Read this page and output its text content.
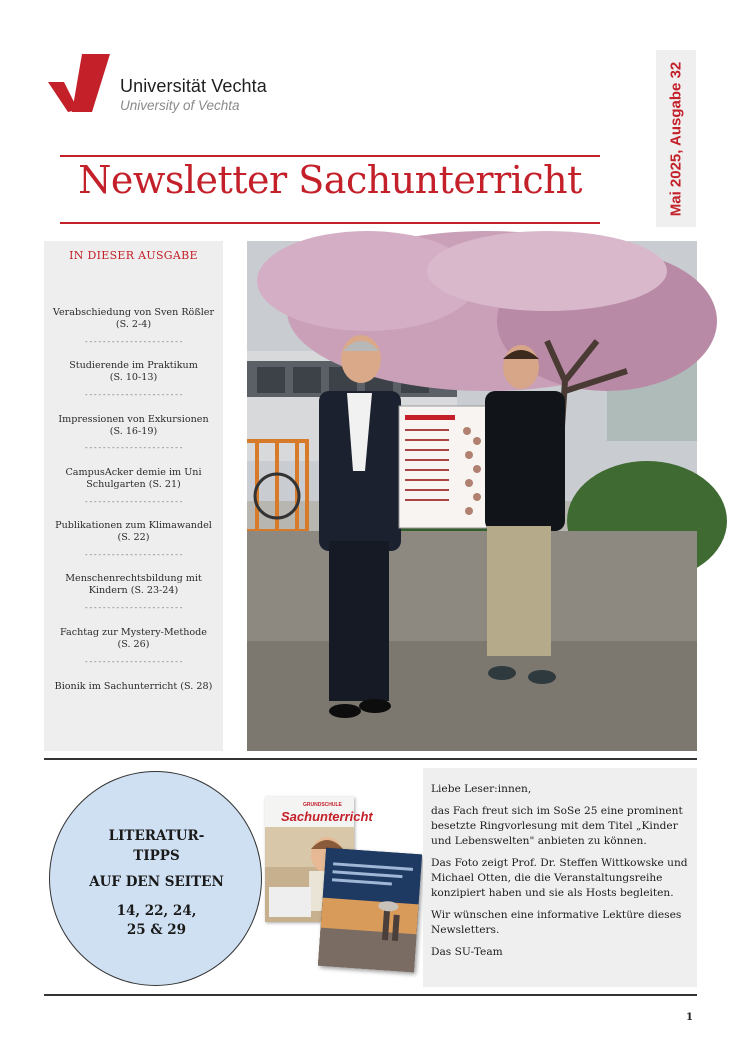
Universität Vechta
University of Vechta	Mai 2025, Ausgabe 32
Newsletter Sachunterricht
IN DIESER AUSGABE
Verabschiedung von Sven Rößler
(S. 2-4)
----------------------
Studierende im Praktikum
(S. 10-13)
----------------------
Impressionen von Exkursionen
(S. 16-19)
----------------------
CampusAcker demie im Uni
Schulgarten (S. 21)
----------------------
Publikationen zum Klimawandel
(S. 22)
----------------------
Menschenrechtsbildung mit
Kindern (S. 23-24)
----------------------
Fachtag zur Mystery-Methode
(S. 26)
----------------------
Bionik im Sachunterricht (S. 28)
LITERATUR-
TIPPS
AUF DEN SEITEN
14, 22, 24,
25 & 29
GRUNDSCHULE
Sachunterricht

Liebe Leser:innen,

das Fach freut sich im SoSe 25 eine prominent besetzte Ringvorlesung mit dem Titel „Kinder und Lebenswelten" anbieten zu können.

Das Foto zeigt Prof. Dr. Steffen Wittkowske und Michael Otten, die die Veranstaltungsreihe konzipiert haben und sie als Hosts begleiten.

Wir wünschen eine informative Lektüre dieses Newsletters.

Das SU-Team

1
